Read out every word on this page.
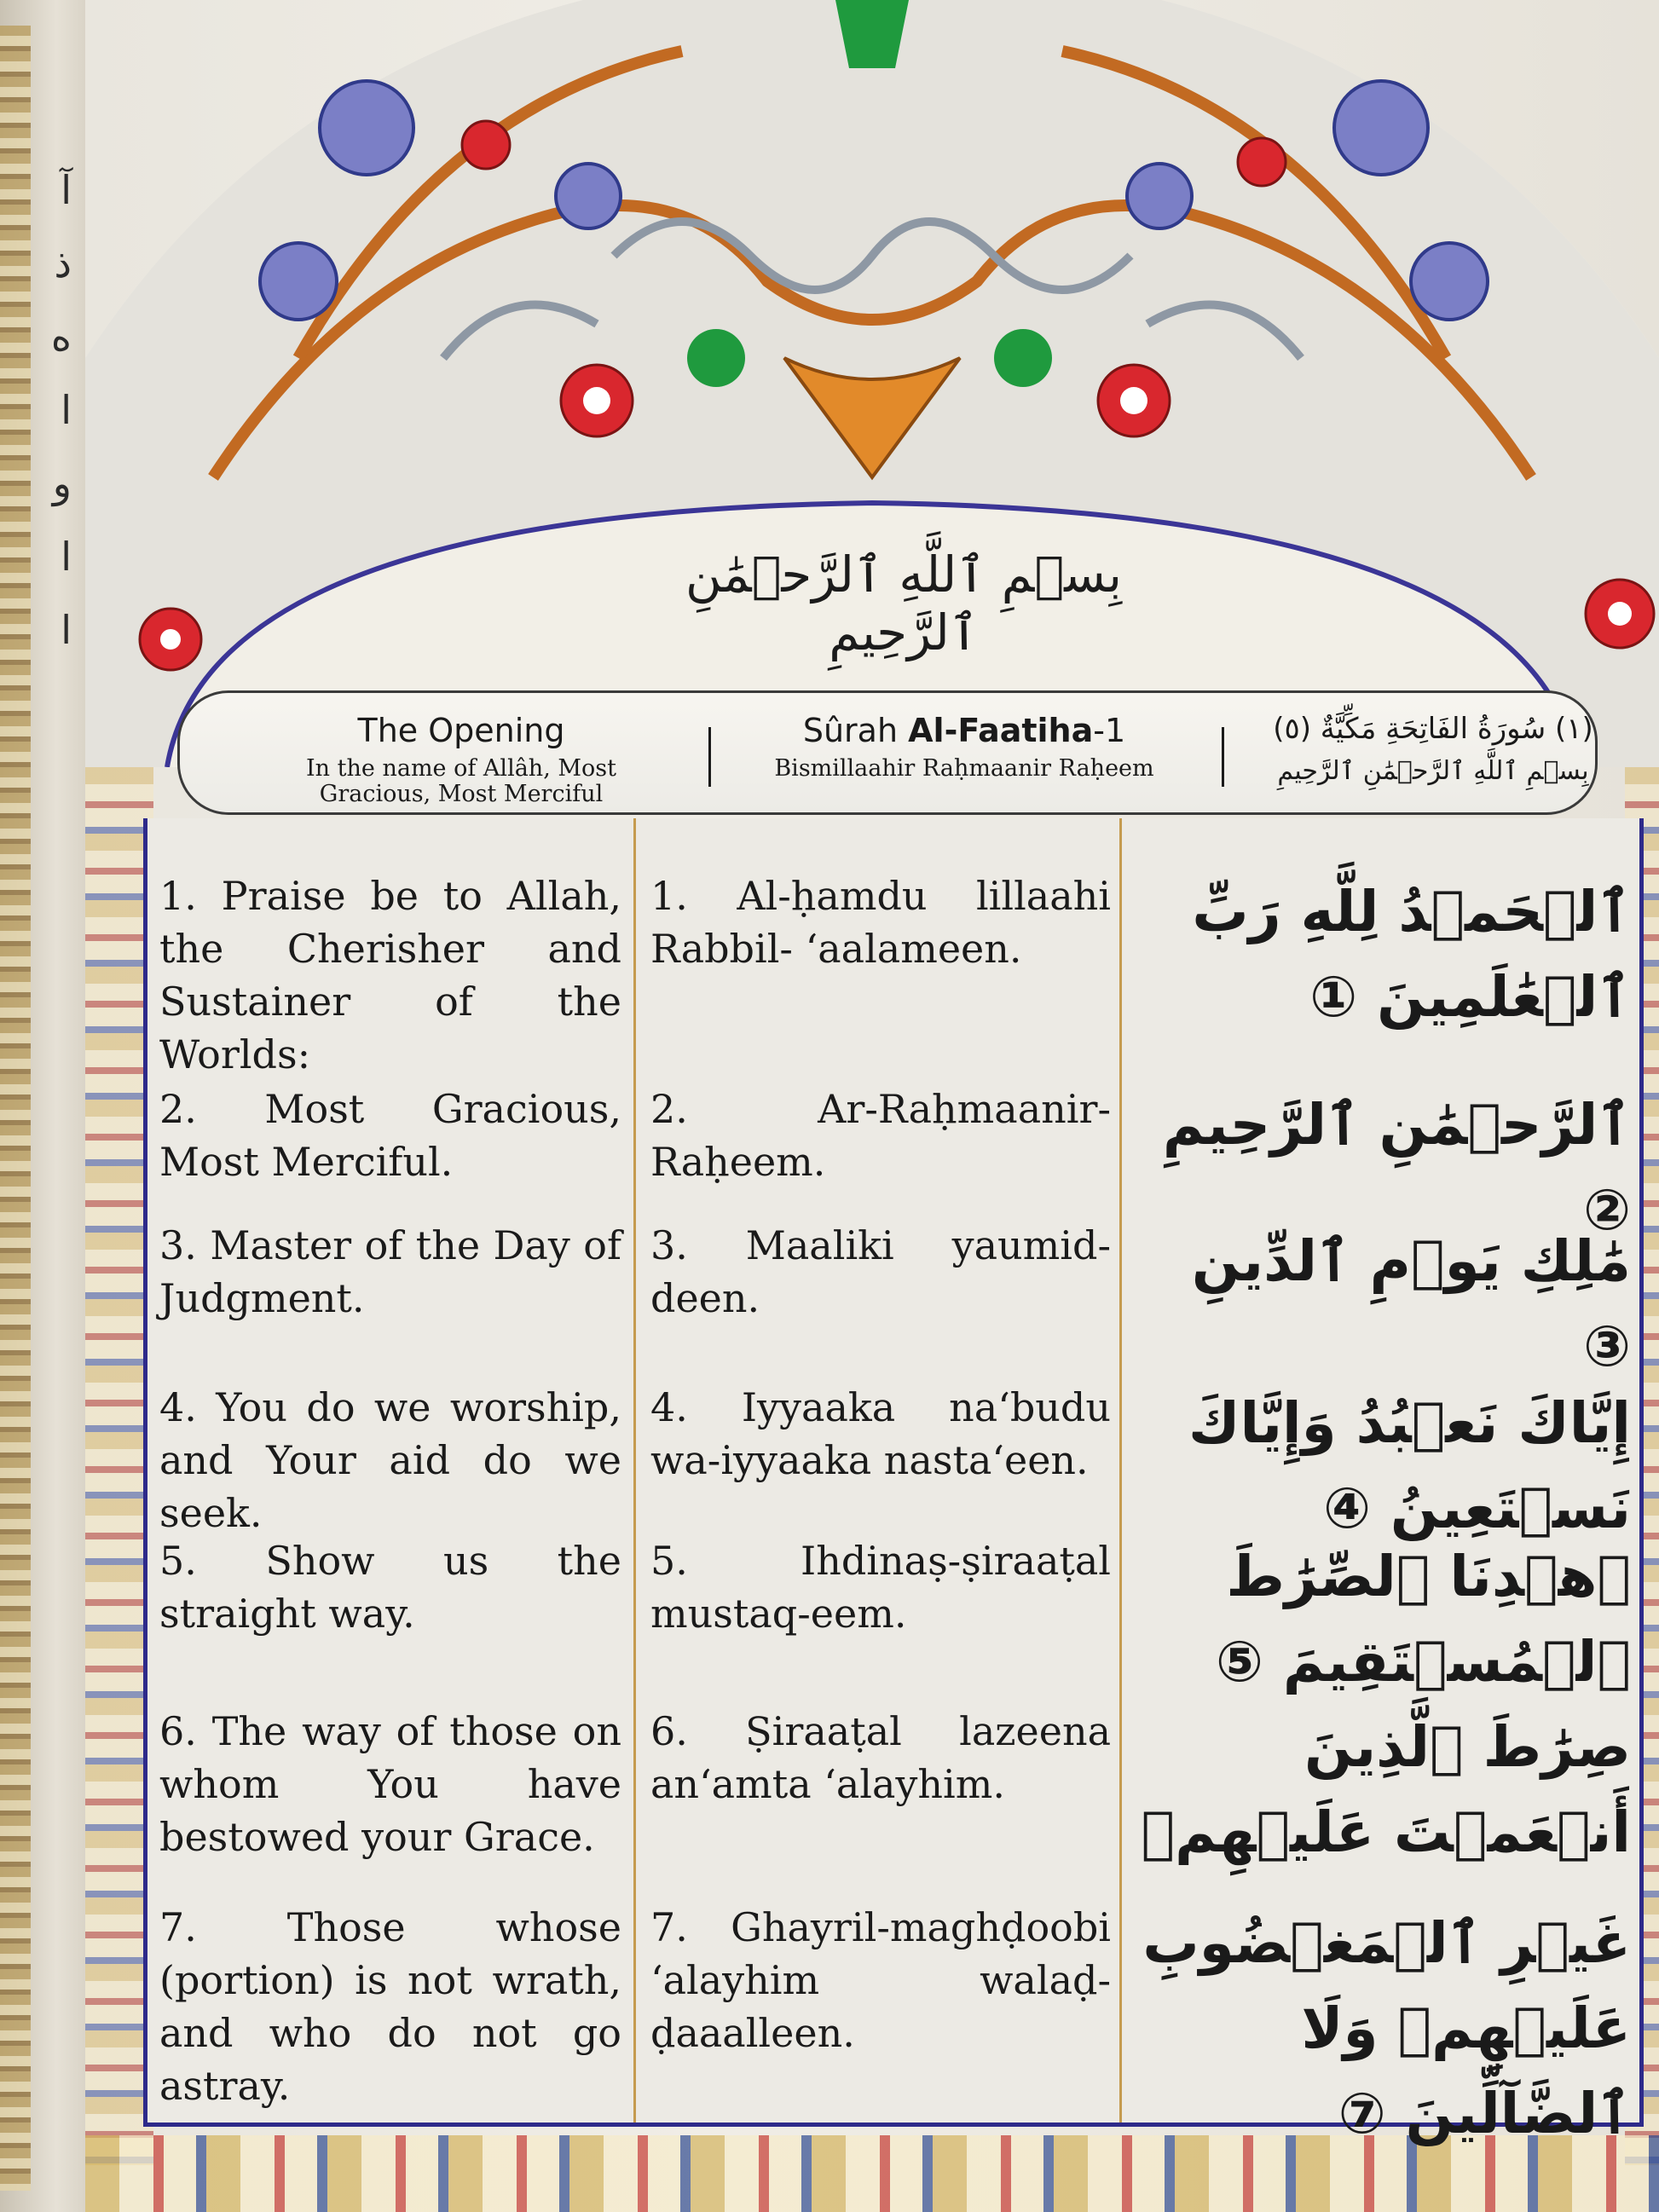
آ
ذ
ه
ا
و
ا
ا
بِسۡمِ ٱللَّهِ ٱلرَّحۡمَٰنِ ٱلرَّحِيمِ
The Opening
In the name of Allâh, Most Gracious, Most Merciful
Sûrah Al-Faatiha-1
Bismillaahir Raḥmaanir Raḥeem
(١) سُورَةُ الفَاتِحَةِ مَكِّيَّةٌ (٥)
بِسۡمِ ٱللَّهِ ٱلرَّحۡمَٰنِ ٱلرَّحِيمِ
1. Praise be to Allah, the Cherisher and Sustainer of the Worlds:
1. Al-ḥamdu lillaahi Rabbil- ‘aalameen.
ٱلۡحَمۡدُ لِلَّهِ رَبِّ ٱلۡعَٰلَمِينَ ①
2. Most Gracious, Most Merciful.
2. Ar-Raḥmaanir-Raḥeem.
ٱلرَّحۡمَٰنِ ٱلرَّحِيمِ ②
3. Master of the Day of Judgment.
3. Maaliki yaumid-deen.
مَٰلِكِ يَوۡمِ ٱلدِّينِ ③
4. You do we worship, and Your aid do we seek.
4. Iyyaaka na‘budu wa-iyyaaka nasta‘een.
إِيَّاكَ نَعۡبُدُ وَإِيَّاكَ نَسۡتَعِينُ ④
5. Show us the straight way.
5. Ihdinaṣ-ṣiraaṭal mustaq-eem.
ٱهۡدِنَا ٱلصِّرَٰطَ ٱلۡمُسۡتَقِيمَ ⑤
6. The way of those on whom You have bestowed your Grace.
6. Ṣiraaṭal lazeena an‘amta ‘alayhim.
صِرَٰطَ ٱلَّذِينَ أَنۡعَمۡتَ عَلَيۡهِمۡ
7. Those whose (portion) is not wrath, and who do not go astray.
7. Ghayril-maghḍoobi ‘alayhim walaḍ-ḍaaalleen.
غَيۡرِ ٱلۡمَغۡضُوبِ عَلَيۡهِمۡ وَلَا ٱلضَّآلِّينَ ⑦
